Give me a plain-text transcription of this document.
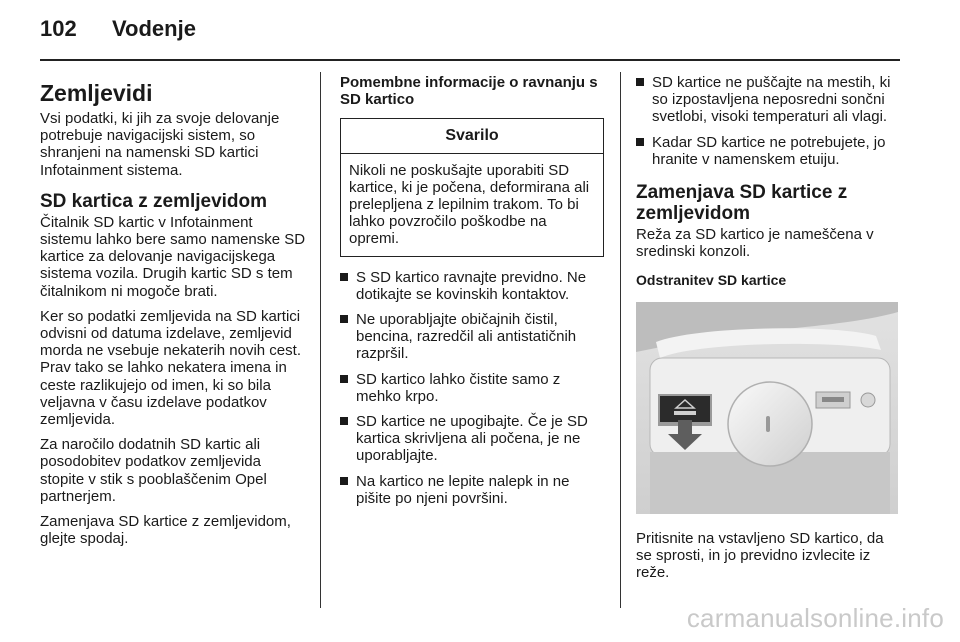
102 Vodenje
Zemljevidi

Vsi podatki, ki jih za svoje delovanje potrebuje navigacijski sistem, so shranjeni na namenski SD kartici Infotainment sistema.

SD kartica z zemljevidom

Čitalnik SD kartic v Infotainment sistemu lahko bere samo namenske SD kartice za delovanje navigacijskega sistema vozila. Drugih kartic SD s tem čitalnikom ni mogoče brati.

Ker so podatki zemljevida na SD kartici odvisni od datuma izdelave, zemljevid morda ne vsebuje nekaterih novih cest. Prav tako se lahko nekatera imena in ceste razlikujejo od imen, ki so bila veljavna v času izdelave podatkov zemljevida.

Za naročilo dodatnih SD kartic ali posodobitev podatkov zemljevida stopite v stik s pooblaščenim Opel partnerjem.

Zamenjava SD kartice z zemljevidom, glejte spodaj.

Pomembne informacije o ravnanju s SD kartico
Svarilo
Nikoli ne poskušajte uporabiti SD kartice, ki je počena, deformirana ali prelepljena z lepilnim trakom. To bi lahko povzročilo poškodbe na opremi.
S SD kartico ravnajte previdno. Ne dotikajte se kovinskih kontaktov.
Ne uporabljajte običajnih čistil, bencina, razredčil ali antistatičnih razpršil.
SD kartico lahko čistite samo z mehko krpo.
SD kartice ne upogibajte. Če je SD kartica skrivljena ali počena, je ne uporabljajte.
Na kartico ne lepite nalepk in ne pišite po njeni površini.
SD kartice ne puščajte na mestih, ki so izpostavljena neposredni sončni svetlobi, visoki temperaturi ali vlagi.
Kadar SD kartice ne potrebujete, jo hranite v namenskem etuiju.
Zamenjava SD kartice z zemljevidom

Reža za SD kartico je nameščena v sredinski konzoli.

Odstranitev SD kartice

Pritisnite na vstavljeno SD kartico, da se sprosti, in jo previdno izvlecite iz reže.

carmanualsonline.info
